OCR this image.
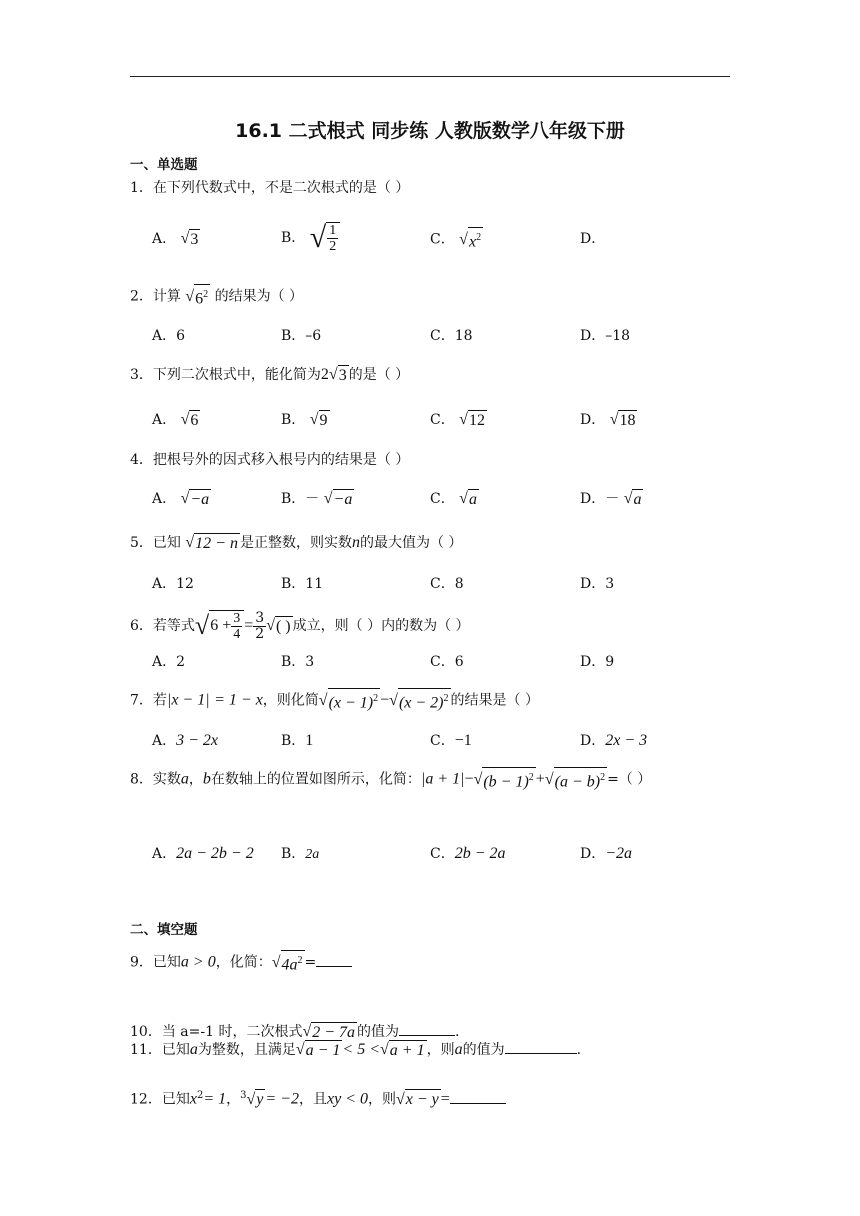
16.1 二式根式 同步练 人教版数学八年级下册
一、单选题
1．在下列代数式中，不是二次根式的是（ ）
A． √3	B． √ $\frac{1}{2}$	C． $√x^2$	D．
2．计算 $√6^2$ 的结果为（ ）
A．6	B．–6	C．18	D．–18
3．下列二次根式中，能化简为2√3 的是（ ）
A． √6	B． √9	C． √12	D． √18
4．把根号外的因式移入根号内的结果是（ ）
A． √−a	B．－ √−a	C． √a	D．－ √a
5．已知 √12 − n 是正整数，则实数n的最大值为（ ）
A．12	B．11	C．8	D．3
6．若等式$√6 + \frac{3}{4} = \frac{3}{2}$ √( ) 成立，则（ ）内的数为（ ）
A．2	B．3	C．6	D．9
7．若|x − 1| = 1 − x，则化简$√(x - 1)^2 -√(x - 2)^2$ 的结果是（ ）
A．3 − 2x	B．1	C．−1	D．2x − 3
8．实数a，b在数轴上的位置如图所示，化简：$|a + 1|-√(b - 1)^2 +√(a - b)^2$ =（ ）
A．2a − 2b − 2 B．2a	C．2b − 2a	D．−2a
二、填空题
9．已知a > 0，化简：$√4a^2$ =
10．当 a=-1 时，二次根式√2 − 7a 的值为	.
11．已知a为整数，且满足√a − 1 < 5 <√a + 1 ，则a的值为	.
12．已知$x^2= 1$，$^3$√y = −2，且xy < 0，则√x − y =
